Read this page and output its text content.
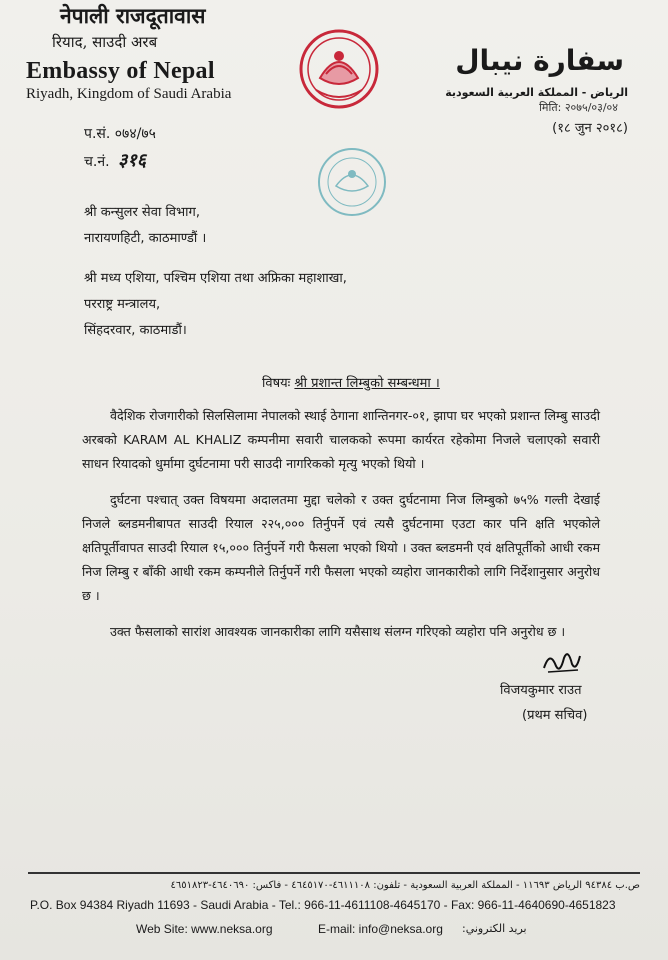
नेपाली राजदूतावास
रियाद, साउदी अरब
Embassy of Nepal
Riyadh, Kingdom of Saudi Arabia
سفارة نيبال
الرياض - المملكة العربية السعودية
मिति: २०७५/०३/०४
(१८ जुन २०१८)
प.सं. ०७४/७५
च.नं. ३१६
श्री कन्सुलर सेवा विभाग,
नारायणहिटी, काठमाण्डौं ।
श्री मध्य एशिया, पश्चिम एशिया तथा अफ्रिका महाशाखा,
परराष्ट्र मन्त्रालय,
सिंहदरवार, काठमाडौं।
विषयः श्री प्रशान्त लिम्बुको सम्बन्धमा ।
वैदेशिक रोजगारीको सिलसिलामा नेपालको स्थाई ठेगाना शान्तिनगर-०१, झापा घर भएको प्रशान्त लिम्बु साउदी अरबको KARAM AL KHALIZ कम्पनीमा सवारी चालकको रूपमा कार्यरत रहेकोमा निजले चलाएको सवारी साधन रियादको धुर्मामा दुर्घटनामा परी साउदी नागरिकको मृत्यु भएको थियो ।
दुर्घटना पश्चात् उक्त विषयमा अदालतमा मुद्दा चलेको र उक्त दुर्घटनामा निज लिम्बुको ७५% गल्ती देखाई निजले ब्लडमनीबापत साउदी रियाल २२५,००० तिर्नुपर्ने एवं त्यसै दुर्घटनामा एउटा कार पनि क्षति भएकोले क्षतिपूर्तीवापत साउदी रियाल १५,००० तिर्नुपर्ने गरी फैसला भएको थियो । उक्त ब्लडमनी एवं क्षतिपूर्तीको आधी रकम निज लिम्बु र बाँकी आधी रकम कम्पनीले तिर्नुपर्ने गरी फैसला भएको व्यहोरा जानकारीको लागि निर्देशानुसार अनुरोध छ ।
उक्त फैसलाको सारांश आवश्यक जानकारीका लागि यसैसाथ संलग्न गरिएको व्यहोरा पनि अनुरोध छ ।
विजयकुमार राउत
(प्रथम सचिव)
ص.ب ٩٤٣٨٤ الرياض ١١٦٩٣ - المملكة العربية السعودية - تلفون: ٤٦١١١٠٨-٤٦٤٥١٧٠ - فاكس: ٤٦٤٠٦٩٠-٤٦٥١٨٢٣
P.O. Box 94384 Riyadh 11693 - Saudi Arabia - Tel.: 966-11-4611108-4645170 - Fax: 966-11-4640690-4651823
Web Site: www.neksa.org	E-mail: info@neksa.org بريد الكتروني:
